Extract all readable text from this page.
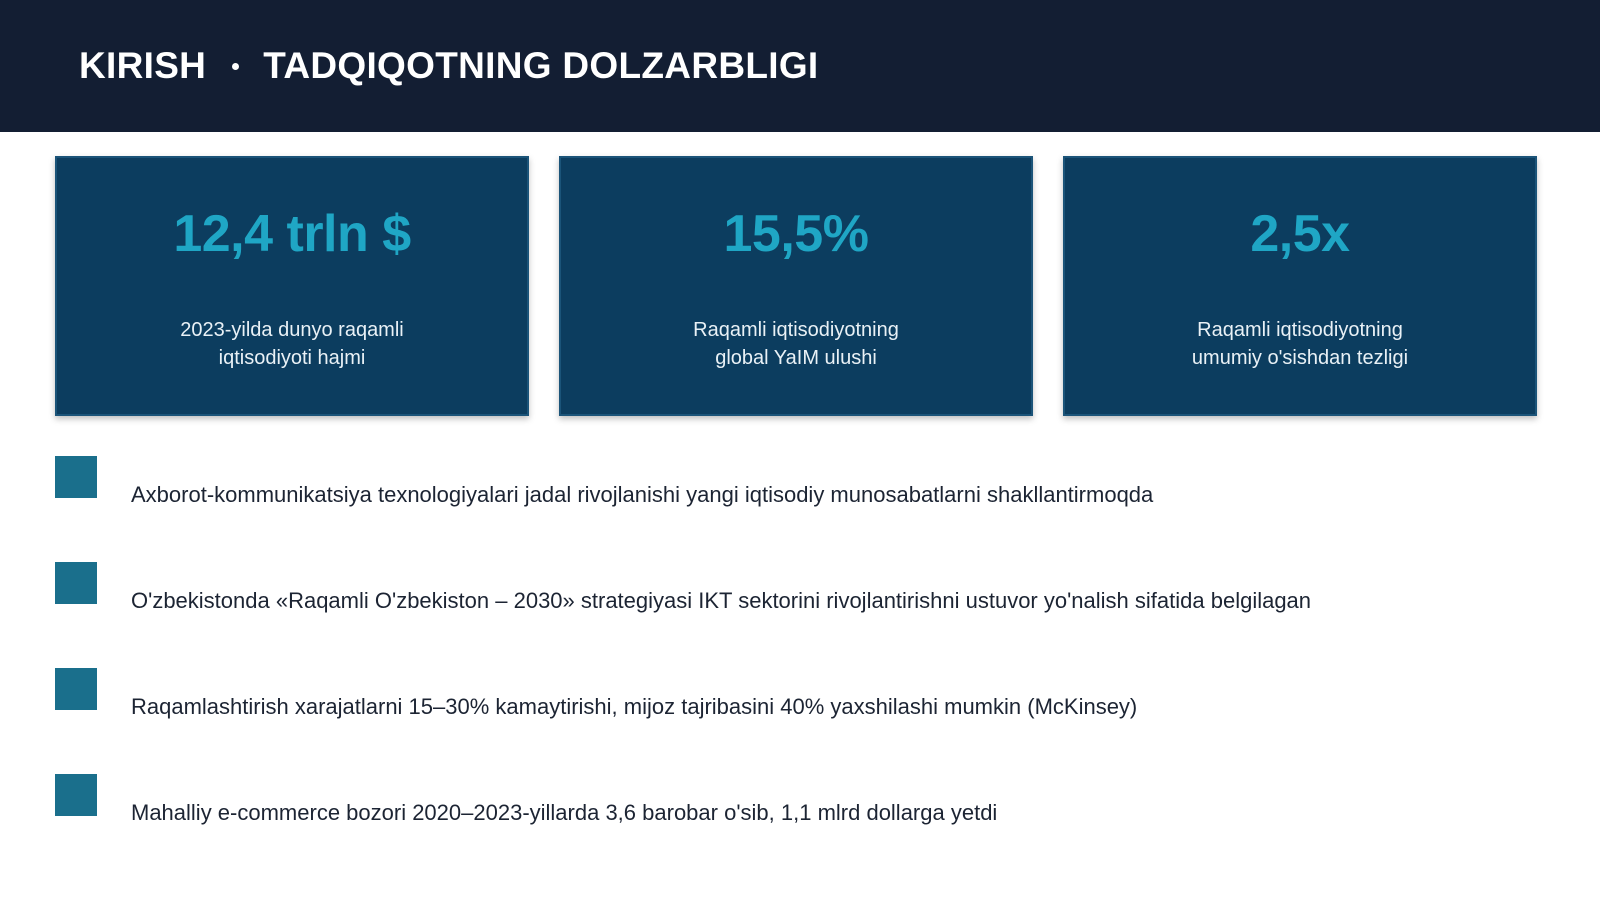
KIRISH TADQIQOTNING DOLZARBLIGI
12,4 trln $
2023-yilda dunyo raqamli
iqtisodiyoti hajmi
15,5%
Raqamli iqtisodiyotning
global YaIM ulushi
2,5x
Raqamli iqtisodiyotning
umumiy o'sishdan tezligi
Axborot-kommunikatsiya texnologiyalari jadal rivojlanishi yangi iqtisodiy munosabatlarni shakllantirmoqda
O'zbekistonda «Raqamli O'zbekiston – 2030» strategiyasi IKT sektorini rivojlantirishni ustuvor yo'nalish sifatida belgilagan
Raqamlashtirish xarajatlarni 15–30% kamaytirishi, mijoz tajribasini 40% yaxshilashi mumkin (McKinsey)
Mahalliy e-commerce bozori 2020–2023-yillarda 3,6 barobar o'sib, 1,1 mlrd dollarga yetdi
